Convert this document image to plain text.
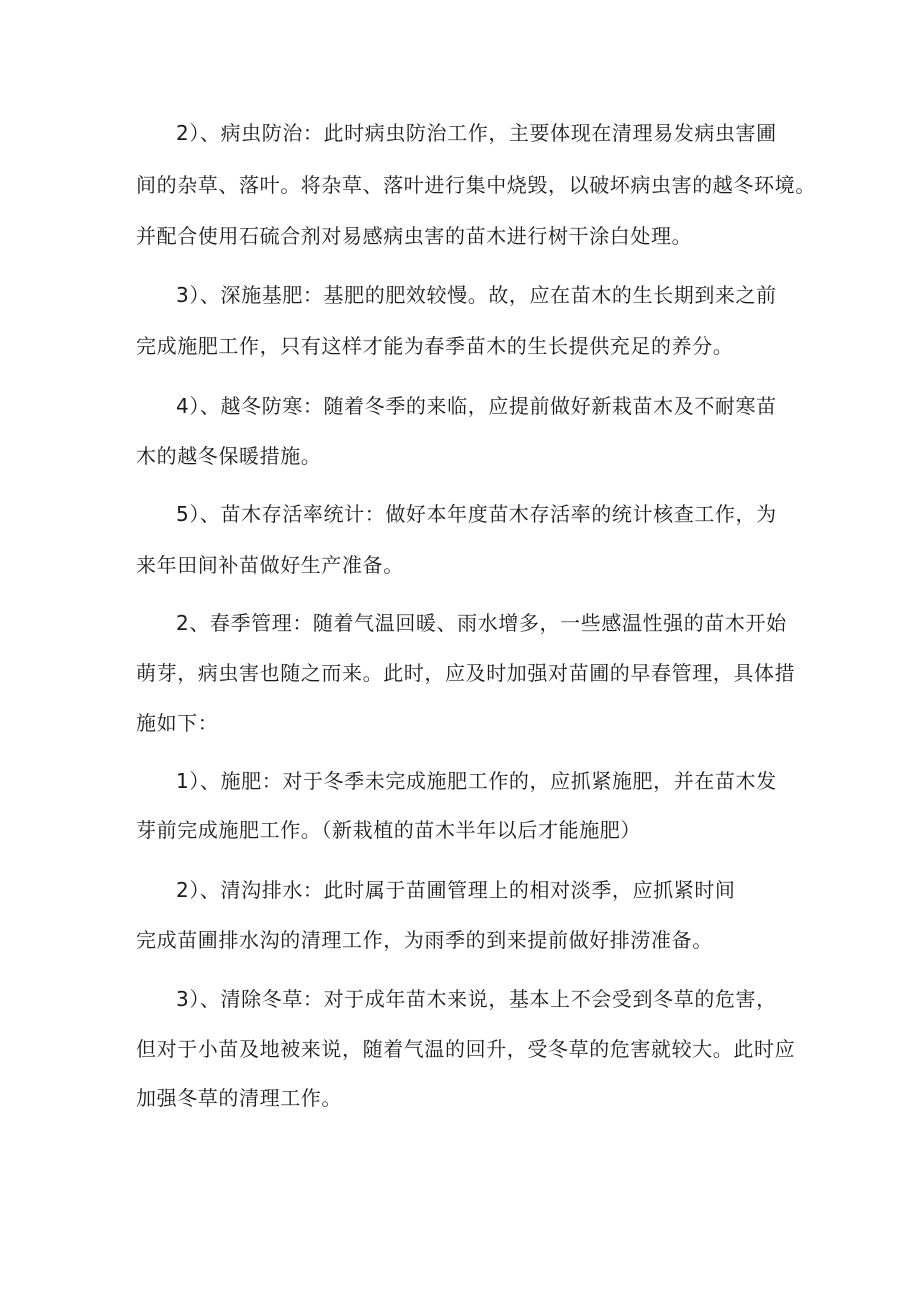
2）、病虫防治：此时病虫防治工作，主要体现在清理易发病虫害圃
间的杂草、落叶。将杂草、落叶进行集中烧毁，以破坏病虫害的越冬环境。
并配合使用石硫合剂对易感病虫害的苗木进行树干涂白处理。
3）、深施基肥：基肥的肥效较慢。故，应在苗木的生长期到来之前
完成施肥工作，只有这样才能为春季苗木的生长提供充足的养分。
4）、越冬防寒：随着冬季的来临，应提前做好新栽苗木及不耐寒苗
木的越冬保暖措施。
5）、苗木存活率统计：做好本年度苗木存活率的统计核查工作，为
来年田间补苗做好生产准备。
2、春季管理：随着气温回暖、雨水增多，一些感温性强的苗木开始
萌芽，病虫害也随之而来。此时，应及时加强对苗圃的早春管理，具体措
施如下：
1）、施肥：对于冬季未完成施肥工作的，应抓紧施肥，并在苗木发
芽前完成施肥工作。（新栽植的苗木半年以后才能施肥）
2）、清沟排水：此时属于苗圃管理上的相对淡季，应抓紧时间
完成苗圃排水沟的清理工作，为雨季的到来提前做好排涝准备。
3）、清除冬草：对于成年苗木来说，基本上不会受到冬草的危害，
但对于小苗及地被来说，随着气温的回升，受冬草的危害就较大。此时应
加强冬草的清理工作。
